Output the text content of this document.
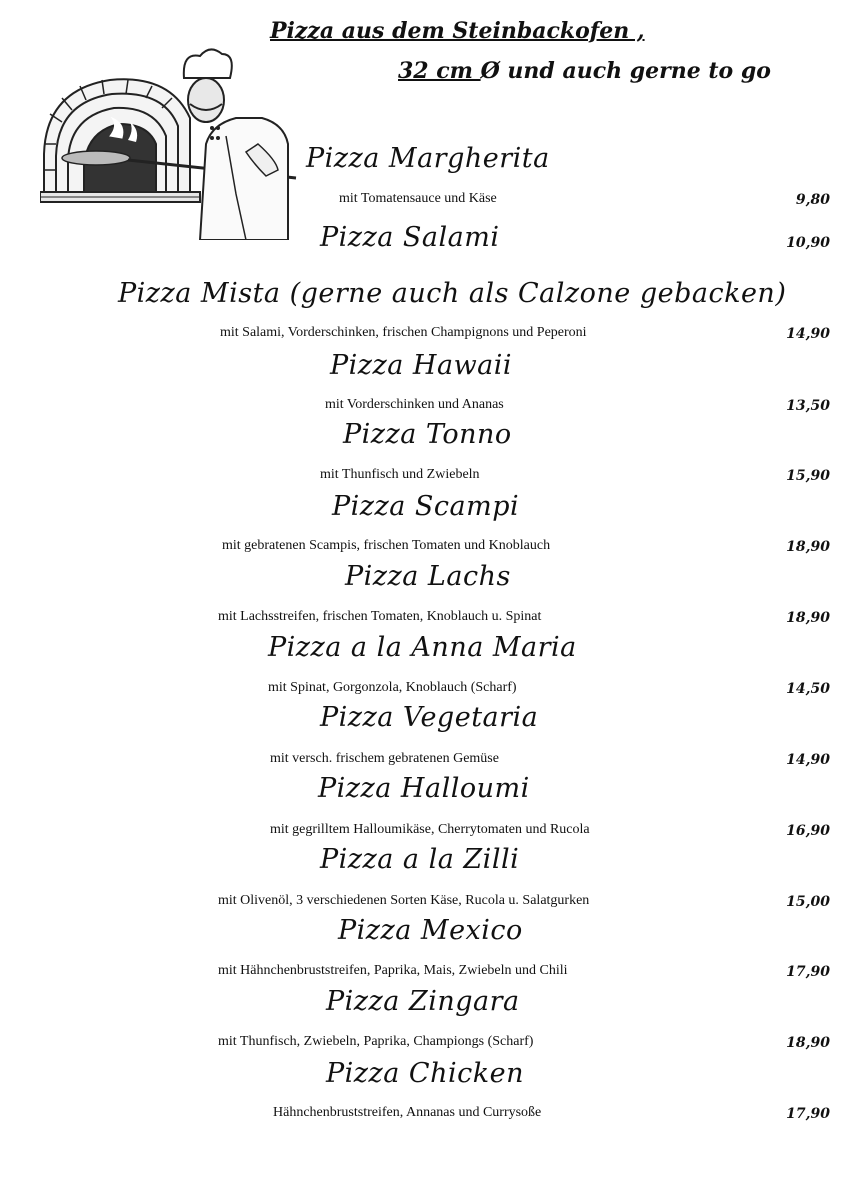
Pizza aus dem Steinbackofen ,
32 cm Ø und auch gerne to go
Pizza Margherita
mit Tomatensauce und Käse	9,80
Pizza Salami	10,90
Pizza Mista (gerne auch als Calzone gebacken)
mit Salami, Vorderschinken, frischen Champignons und Peperoni	14,90
Pizza Hawaii
mit Vorderschinken und Ananas	13,50
Pizza Tonno
mit Thunfisch und Zwiebeln	15,90
Pizza Scampi
mit gebratenen Scampis, frischen Tomaten und Knoblauch	18,90
Pizza Lachs
mit Lachsstreifen, frischen Tomaten, Knoblauch u. Spinat	18,90
Pizza a la Anna Maria
mit Spinat, Gorgonzola, Knoblauch (Scharf)	14,50
Pizza Vegetaria
mit versch. frischem gebratenen Gemüse	14,90
Pizza Halloumi
mit gegrilltem Halloumikäse, Cherrytomaten und Rucola	16,90
Pizza a la Zilli
mit Olivenöl, 3 verschiedenen Sorten Käse, Rucola u. Salatgurken	15,00
Pizza Mexico
mit Hähnchenbruststreifen, Paprika, Mais, Zwiebeln und Chili	17,90
Pizza Zingara
mit Thunfisch, Zwiebeln, Paprika, Championgs (Scharf)	18,90
Pizza Chicken
Hähnchenbruststreifen, Annanas und Currysoße	17,90
